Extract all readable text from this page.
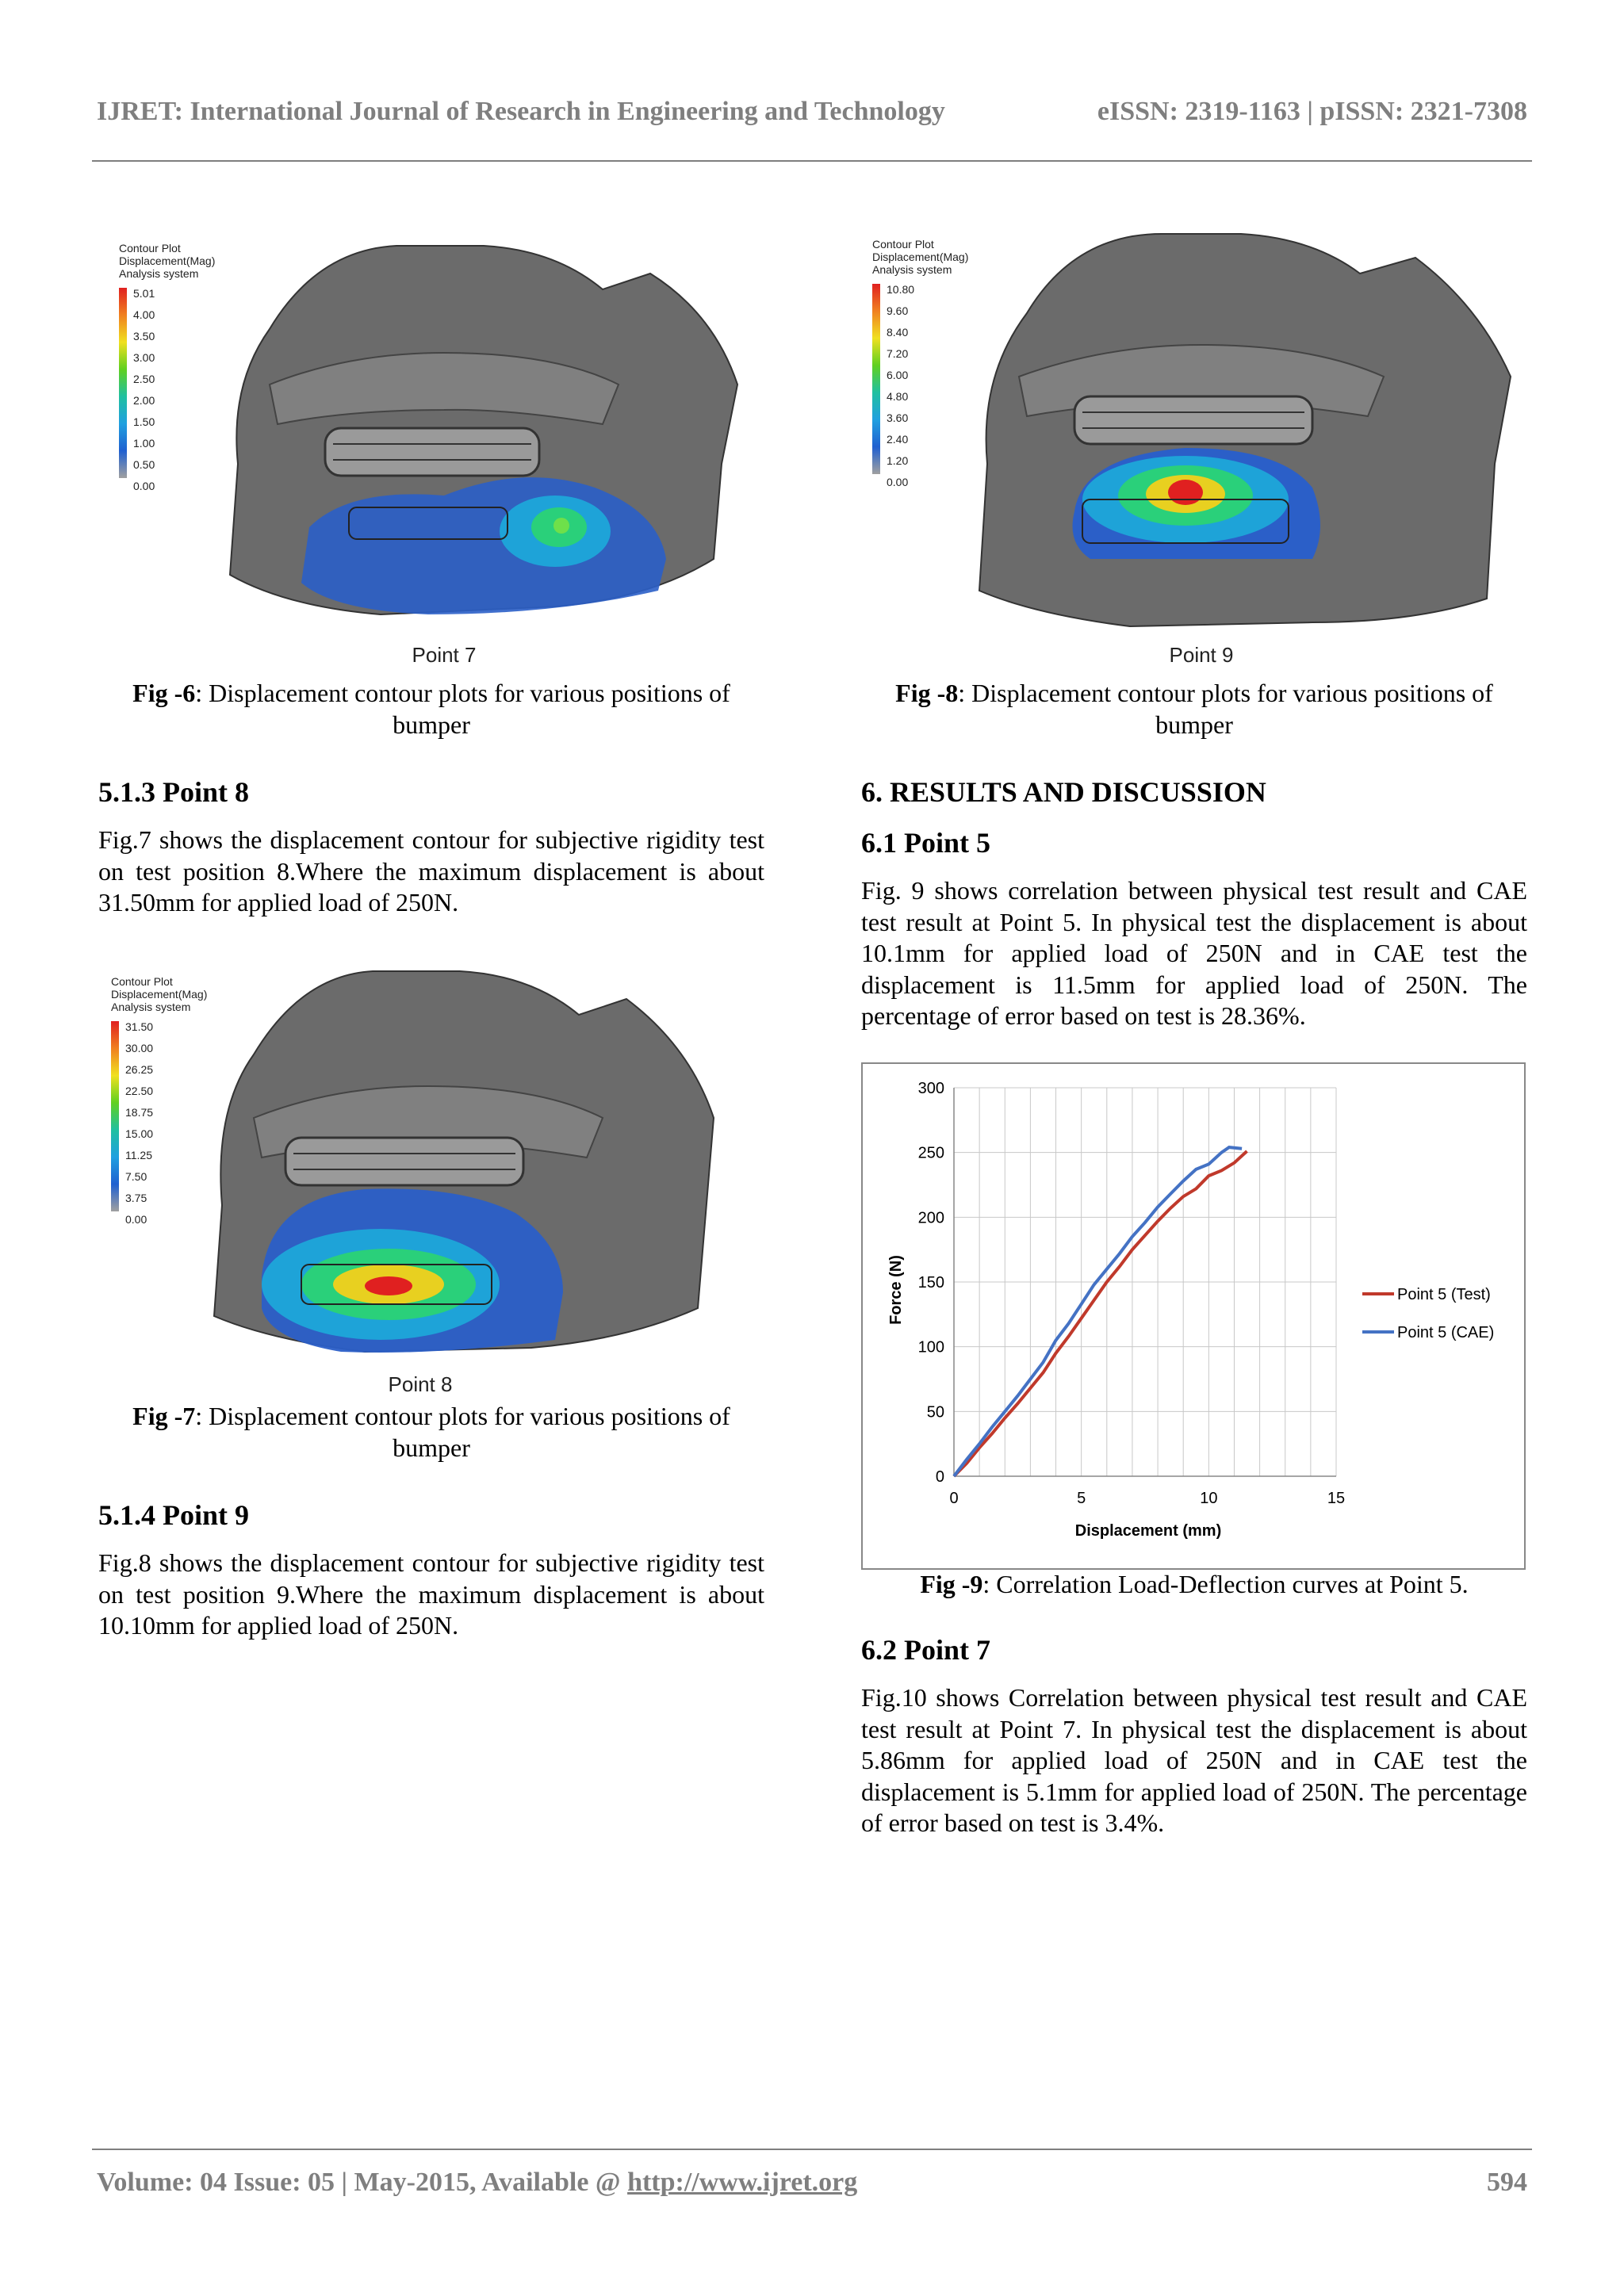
IJRET: International Journal of Research in Engineering and Technology	eISSN: 2319-1163 | pISSN: 2321-7308
Point 7
Contour Plot
Displacement(Mag)
Analysis system
5.01
4.00
3.50
3.00
2.50
2.00
1.50
1.00
0.50
0.00
Fig -6: Displacement contour plots for various positions of bumper
5.1.3 Point 8

Fig.7 shows the displacement contour for subjective rigidity test on test position 8.Where the maximum displacement is about 31.50mm for applied load of 250N.

Point 8
Contour Plot
Displacement(Mag)
Analysis system
31.50
30.00
26.25
22.50
18.75
15.00
11.25
7.50
3.75
0.00
Fig -7: Displacement contour plots for various positions of bumper
5.1.4 Point 9

Fig.8 shows the displacement contour for subjective rigidity test on test position 9.Where the maximum displacement is about 10.10mm for applied load of 250N.

Point 9
Contour Plot
Displacement(Mag)
Analysis system
10.80
9.60
8.40
7.20
6.00
4.80
3.60
2.40
1.20
0.00
Fig -8: Displacement contour plots for various positions of bumper
6. RESULTS AND DISCUSSION
6.1 Point 5

Fig. 9 shows correlation between physical test result and CAE test result at Point 5. In physical test the displacement is about 10.1mm for applied load of 250N and in CAE test the displacement is 11.5mm for applied load of 250N. The percentage of error based on test is 28.36%.

0
50
100
150
200
250
300
0	5	10	15
Point 5 (Test)
Point 5 (CAE)
Displacement (mm)
Force (N)
Fig -9: Correlation Load-Deflection curves at Point 5.
6.2 Point 7

Fig.10 shows Correlation between physical test result and CAE test result at Point 7. In physical test the displacement is about 5.86mm for applied load of 250N and in CAE test the displacement is 5.1mm for applied load of 250N. The percentage of error based on test is 3.4%.

Volume: 04 Issue: 05 | May-2015, Available @ http://www.ijret.org	594
